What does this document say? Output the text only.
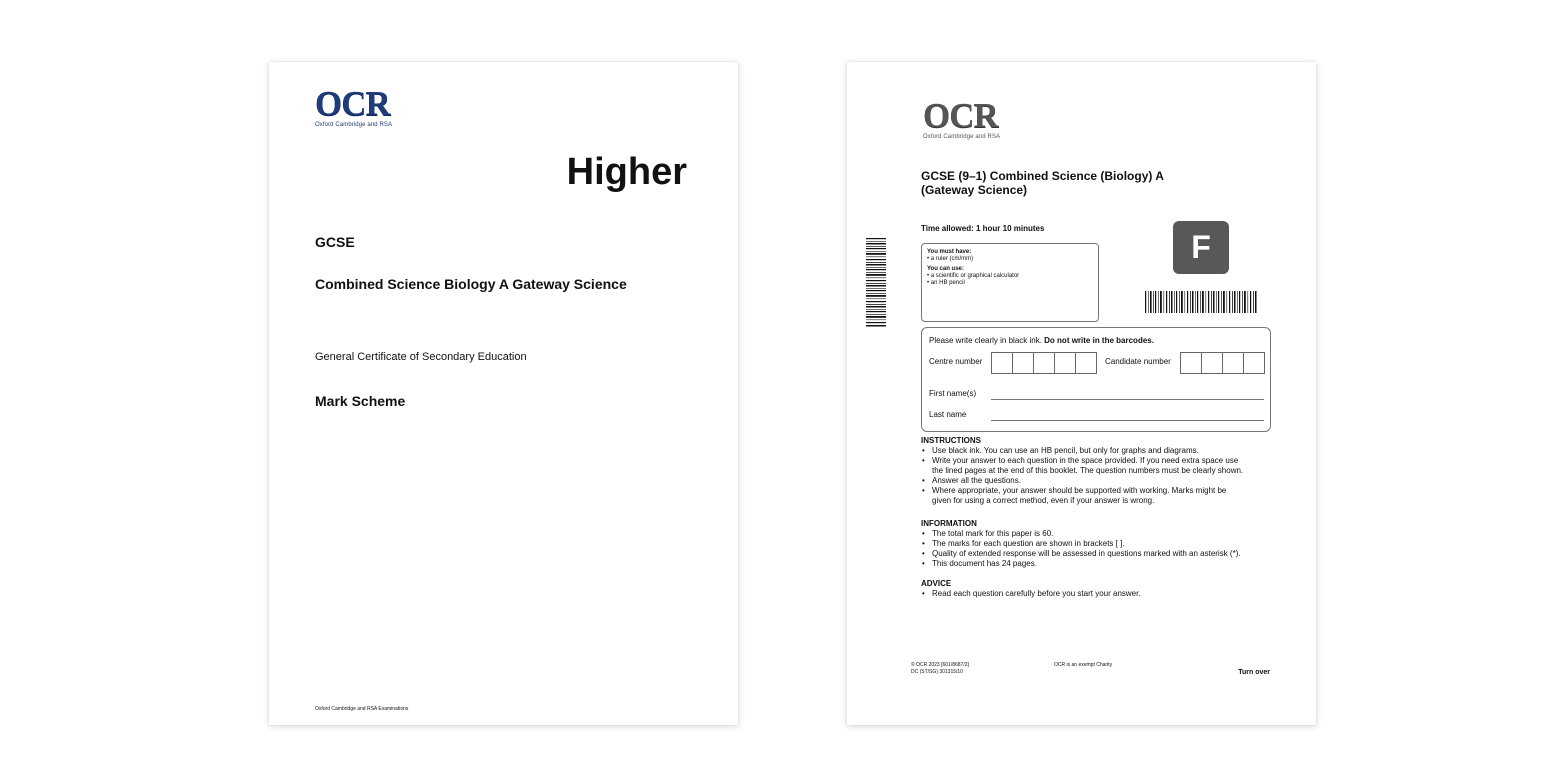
OCR
Oxford Cambridge and RSA
Higher
GCSE
Combined Science Biology A Gateway Science
General Certificate of Secondary Education
Mark Scheme
Oxford Cambridge and RSA Examinations
OCR
Oxford Cambridge and RSA
GCSE (9–1) Combined Science (Biology) A
(Gateway Science)
Time allowed: 1 hour 10 minutes
You must have:
• a ruler (cm/mm)
You can use:
• a scientific or graphical calculator
• an HB pencil
F
Please write clearly in black ink. Do not write in the barcodes.
Centre number	Candidate number
First name(s)
Last name
INSTRUCTIONS
• Use black ink. You can use an HB pencil, but only for graphs and diagrams.
• Write your answer to each question in the space provided. If you need extra space use
the lined pages at the end of this booklet. The question numbers must be clearly shown.
• Answer all the questions.
• Where appropriate, your answer should be supported with working. Marks might be
given for using a correct method, even if your answer is wrong.
INFORMATION
• The total mark for this paper is 60.
• The marks for each question are shown in brackets [ ].
• Quality of extended response will be assessed in questions marked with an asterisk (*).
• This document has 24 pages.
ADVICE
• Read each question carefully before you start your answer.
© OCR 2023 [601/8687/2]
DC (ST/SG) 301315/10
OCR is an exempt Charity
Turn over
